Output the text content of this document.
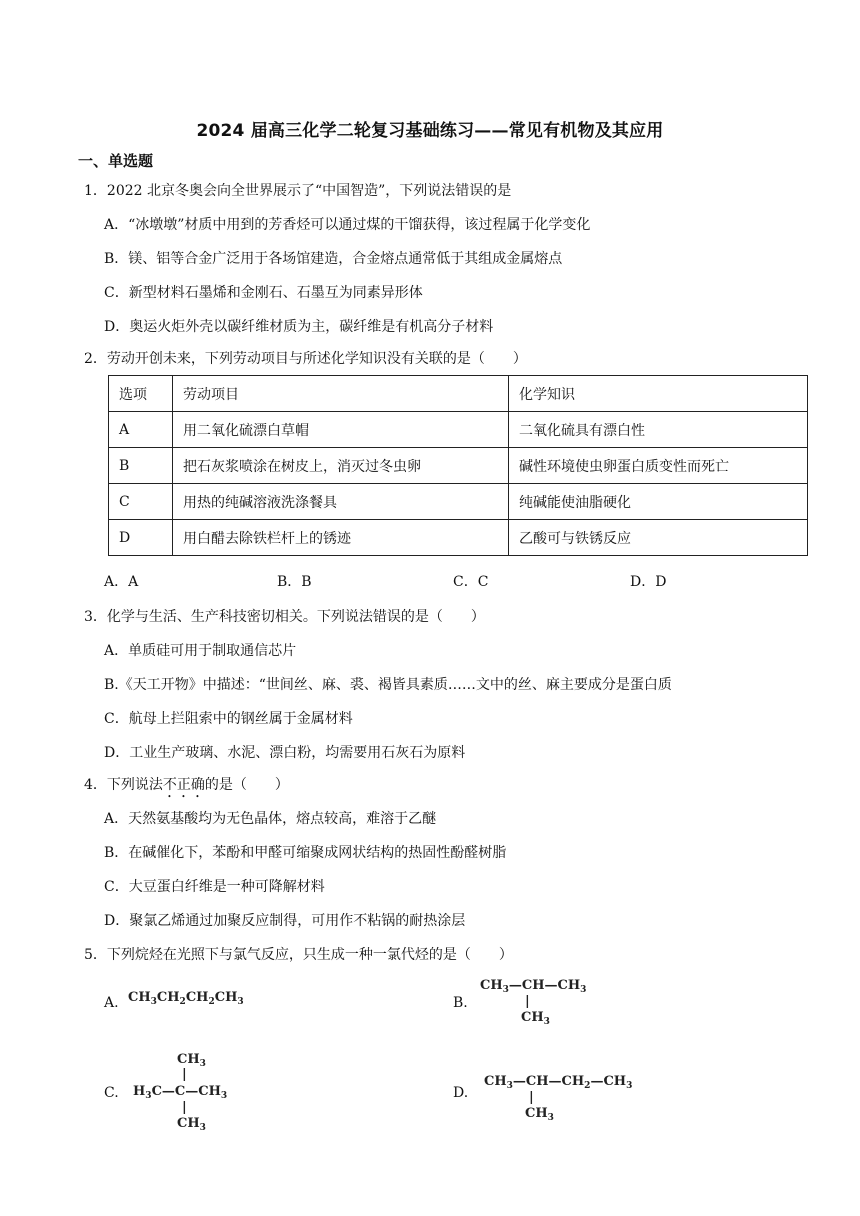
2024 届高三化学二轮复习基础练习——常见有机物及其应用
一、单选题
1．2022 北京冬奥会向全世界展示了“中国智造”，下列说法错误的是
A．“冰墩墩”材质中用到的芳香烃可以通过煤的干馏获得，该过程属于化学变化
B．镁、铝等合金广泛用于各场馆建造，合金熔点通常低于其组成金属熔点
C．新型材料石墨烯和金刚石、石墨互为同素异形体
D．奥运火炬外壳以碳纤维材质为主，碳纤维是有机高分子材料
2．劳动开创未来，下列劳动项目与所述化学知识没有关联的是（　　）
选项	劳动项目	化学知识
A	用二氧化硫漂白草帽	二氧化硫具有漂白性
B	把石灰浆喷涂在树皮上，消灭过冬虫卵	碱性环境使虫卵蛋白质变性而死亡
C	用热的纯碱溶液洗涤餐具	纯碱能使油脂硬化
D	用白醋去除铁栏杆上的锈迹	乙酸可与铁锈反应
A．A	B．B	C．C	D．D
3．化学与生活、生产科技密切相关。下列说法错误的是（　　）
A．单质硅可用于制取通信芯片
B.《天工开物》中描述：“世间丝、麻、裘、褐皆具素质……文中的丝、麻主要成分是蛋白质
C．航母上拦阻索中的钢丝属于金属材料
D．工业生产玻璃、水泥、漂白粉，均需要用石灰石为原料
4．下列说法不正确的是（　　）
A．天然氨基酸均为无色晶体，熔点较高，难溶于乙醚
B．在碱催化下，苯酚和甲醛可缩聚成网状结构的热固性酚醛树脂
C．大豆蛋白纤维是一种可降解材料
D．聚氯乙烯通过加聚反应制得，可用作不粘锅的耐热涂层
5．下列烷烃在光照下与氯气反应，只生成一种一氯代烃的是（　　）
A. $CH_3CH_2CH_2CH_3$	B.
$CH_3—CH—CH_3$
|
$CH_3$
C.
$CH_3$
|
$H_3C—C—CH_3$
|
$CH_3$
D.
$CH_3—CH—CH_2—CH_3$
|
$CH_3$
